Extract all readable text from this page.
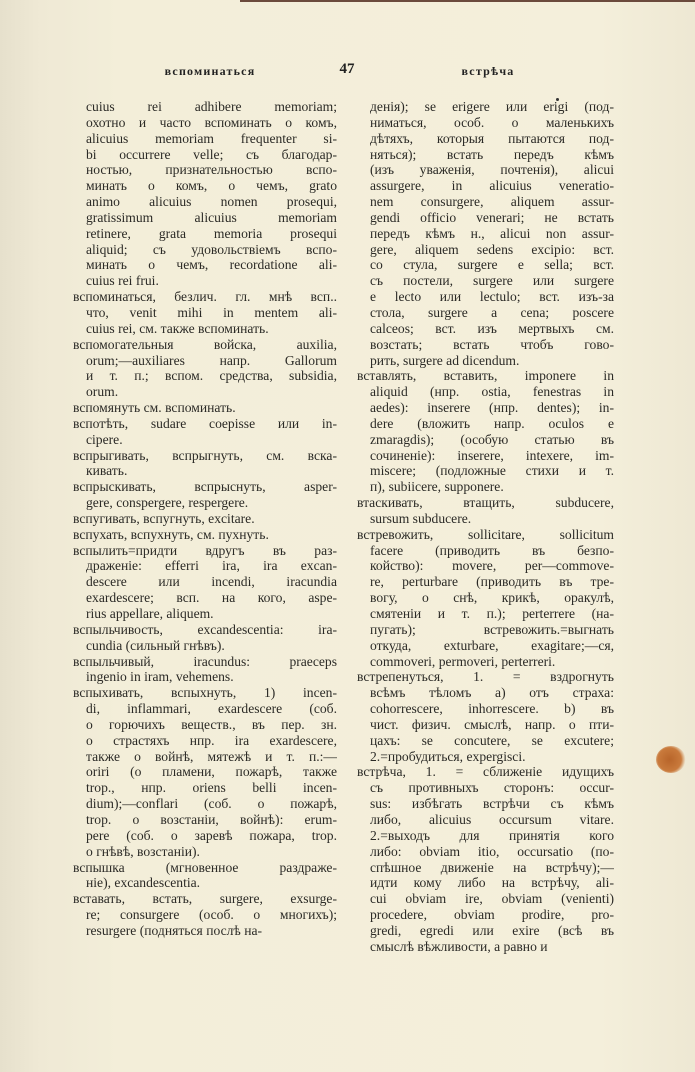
вспоминаться	47	встрѣча
cuius rei adhibere memoriam;
охотно и часто вспоминать о комъ,
alicuius memoriam frequenter si-
bi occurrere velle; съ благодар-
ностью, признательностью вспо-
минать о комъ, о чемъ, grato
animo alicuius nomen prosequi,
gratissimum alicuius memoriam
retinere, grata memoria prosequi
aliquid; съ удовольствіемъ вспо-
минать о чемъ, recordatione ali-
cuius rei frui.
вспоминаться, безлич. гл. мнѣ всп..
что, venit mihi in mentem ali-
cuius rei, см. также вспоминать.
вспомогательныя войска, auxilia,
orum;—auxiliares напр. Gallorum
и т. п.; вспом. средства, subsidia,
orum.
вспомянуть см. вспоминать.
вспотѣть, sudare coepisse или in-
cipere.
вспрыгивать, вспрыгнуть, см. вска-
кивать.
вспрыскивать, вспрыснуть, asper-
gere, conspergere, respergere.
вспугивать, вспугнуть, excitare.
вспухать, вспухнуть, см. пухнуть.
вспылить=придти вдругъ въ раз-
драженіе: efferri ira, ira excan-
descere или incendi, iracundia
exardescere; всп. на кого, aspe-
rius appellare, aliquem.
вспыльчивость, excandescentia: ira-
cundia (сильный гнѣвъ).
вспыльчивый, iracundus: praeceps
ingenio in iram, vehemens.
вспыхивать, вспыхнуть, 1) incen-
di, inflammari, exardescere (соб.
о горючихъ веществ., въ пер. зн.
о страстяхъ нпр. ira exardescere,
также о войнѣ, мятежѣ и т. п.:—
oriri (о пламени, пожарѣ, также
trop., нпр. oriens belli incen-
dium);—conflari (соб. о пожарѣ,
trop. о возстаніи, войнѣ): erum-
pere (соб. о заревѣ пожара, trop.
о гнѣвѣ, возстаніи).
вспышка (мгновенное раздраже-
ніе), excandescentia.
вставать, встать, surgere, exsurge-
re; consurgere (особ. о многихъ);
resurgere (подняться послѣ на-
денія); se erigere или erigi (под-
ниматься, особ. о маленькихъ
дѣтяхъ, которыя пытаются под-
няться); встать передъ кѣмъ
(изъ уваженія, почтенія), alicui
assurgere, in alicuius veneratio-
nem consurgere, aliquem assur-
gendi officio venerari; не встать
передъ кѣмъ н., alicui non assur-
gere, aliquem sedens excipio: вст.
со стула, surgere e sella; вст.
съ постели, surgere или surgere
e lecto или lectulo; вст. изъ-за
стола, surgere a cena; poscere
calceos; вст. изъ мертвыхъ см.
возстать; встать чтобъ гово-
рить, surgere ad dicendum.
вставлять, вставить, imponere in
aliquid (нпр. ostia, fenestras in
aedes): inserere (нпр. dentes); in-
dere (вложить напр. oculos e
zmaragdis); (особую статью въ
сочиненіе): inserere, intexere, im-
miscere; (подложные стихи и т.
п), subiicere, supponere.
втаскивать, втащить, subducere,
sursum subducere.
встревожить, sollicitare, sollicitum
facere (приводить въ безпо-
койство): movere, per—commove-
re, perturbare (приводить въ тре-
вогу, о снѣ, крикѣ, оракулѣ,
смятеніи и т. п.); perterrere (на-
пугать); встревожить.=выгнать
откуда, exturbare, exagitare;—ся,
commoveri, permoveri, perterreri.
встрепенуться, 1. = вздрогнуть
всѣмъ тѣломъ а) отъ страха:
cohorrescere, inhorrescere. b) въ
чист. физич. смыслѣ, напр. о пти-
цахъ: se concutere, se excutere;
2.=пробудиться, expergisci.
встрѣча, 1. = сближеніе идущихъ
съ противныхъ сторонъ: occur-
sus: избѣгать встрѣчи съ кѣмъ
либо, alicuius occursum vitare.
2.=выходъ для принятія кого
либо: obviam itio, occursatio (по-
спѣшное движеніе на встрѣчу);—
идти кому либо на встрѣчу, ali-
cui obviam ire, obviam (venienti)
procedere, obviam prodire, pro-
gredi, egredi или exire (всѣ въ
смыслѣ вѣжливости, а равно и
